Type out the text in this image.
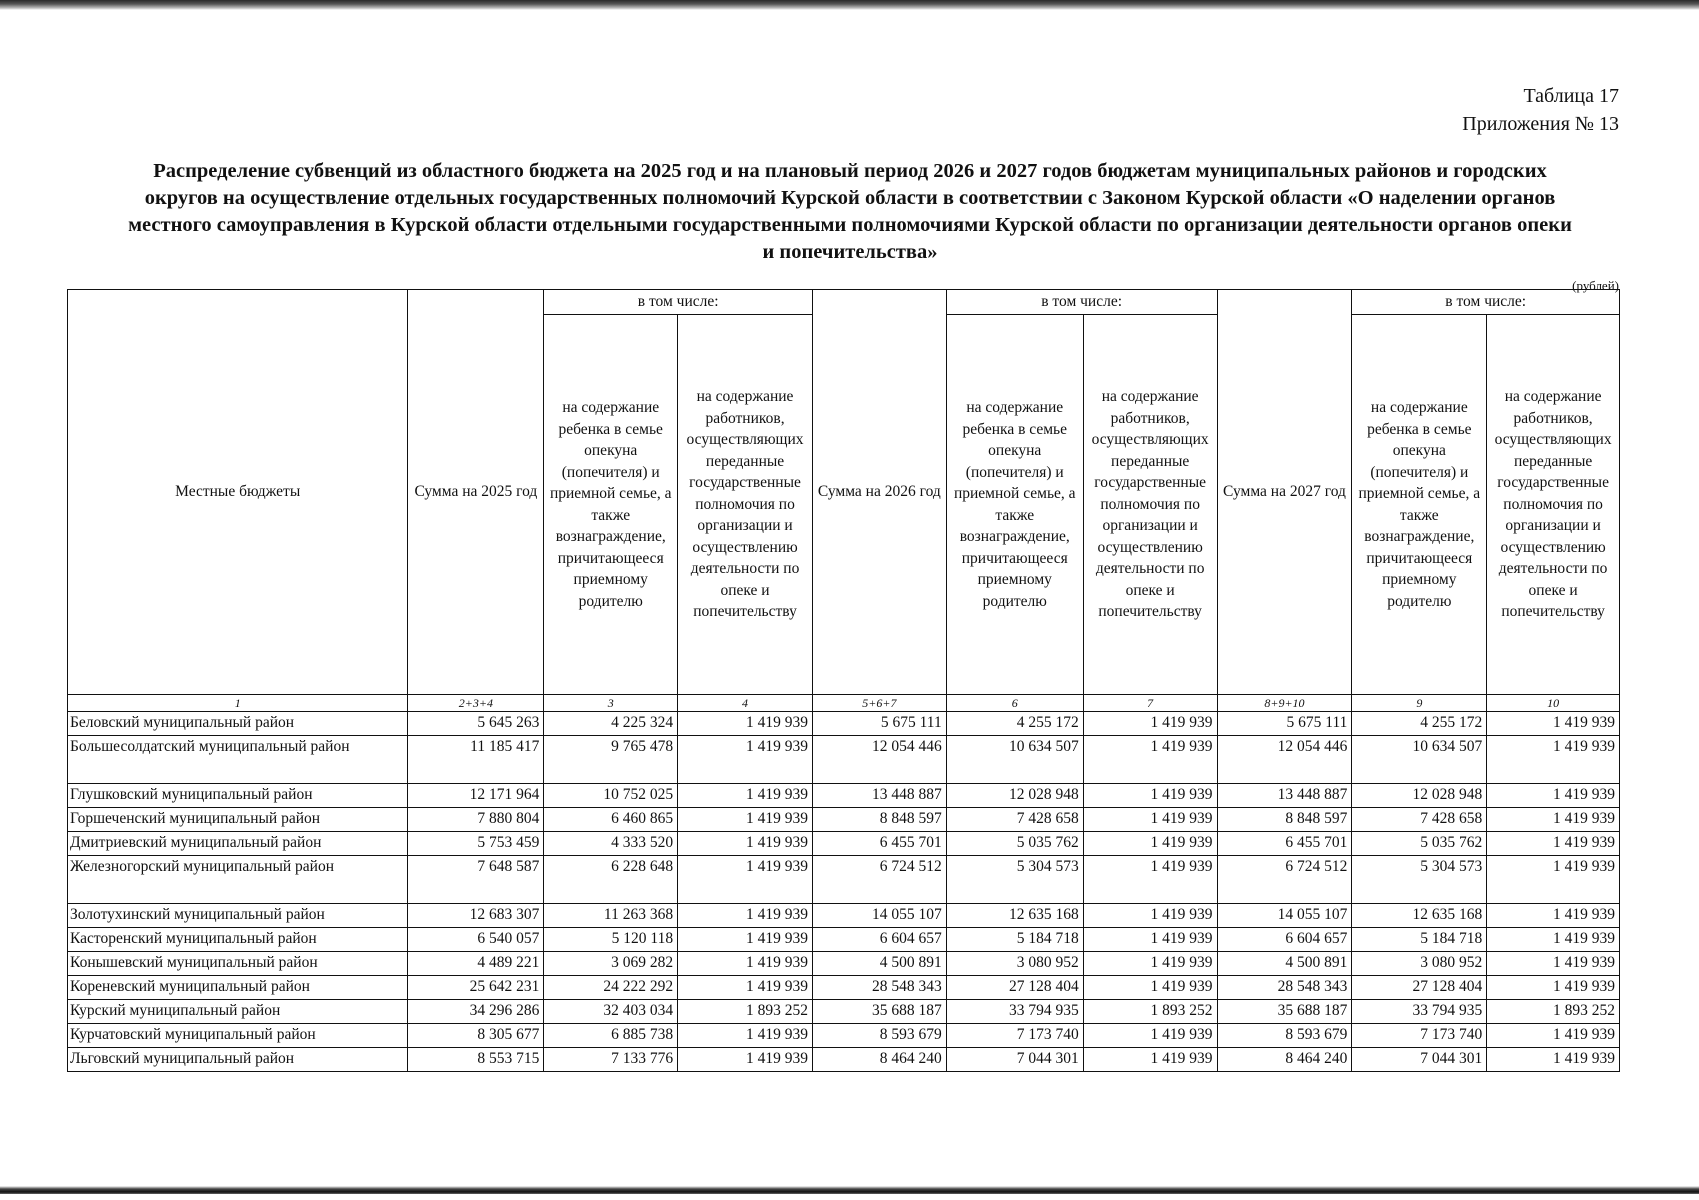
Таблица 17
Приложения № 13
Распределение субвенций из областного бюджета на 2025 год и на плановый период 2026 и 2027 годов бюджетам муниципальных районов и городских
округов на осуществление отдельных государственных полномочий Курской области в соответствии с Законом Курской области «О наделении органов
местного самоуправления в Курской области отдельными государственными полномочиями Курской области по организации деятельности органов опеки
и попечительства»
(рублей)
Местные бюджеты	Сумма на 2025 год	в том числе:		Сумма на 2026 год	в том числе:		Сумма на 2027 год	в том числе:	
		на содержание ребенка в семье опекуна (попечителя) и приемной семье, а также вознаграждение, причитающееся приемному родителю	на содержание работников, осуществляющих переданные государственные полномочия по организации и осуществлению деятельности по опеке и попечительству		на содержание ребенка в семье опекуна (попечителя) и приемной семье, а также вознаграждение, причитающееся приемному родителю	на содержание работников, осуществляющих переданные государственные полномочия по организации и осуществлению деятельности по опеке и попечительству		на содержание ребенка в семье опекуна (попечителя) и приемной семье, а также вознаграждение, причитающееся приемному родителю	на содержание работников, осуществляющих переданные государственные полномочия по организации и осуществлению деятельности по опеке и попечительству
1	2+3+4	3	4	5+6+7	6	7	8+9+10	9	10
Беловский муниципальный район	5 645 263	4 225 324	1 419 939	5 675 111	4 255 172	1 419 939	5 675 111	4 255 172	1 419 939
Большесолдатский муниципальный район	11 185 417	9 765 478	1 419 939	12 054 446	10 634 507	1 419 939	12 054 446	10 634 507	1 419 939
Глушковский муниципальный район	12 171 964	10 752 025	1 419 939	13 448 887	12 028 948	1 419 939	13 448 887	12 028 948	1 419 939
Горшеченский муниципальный район	7 880 804	6 460 865	1 419 939	8 848 597	7 428 658	1 419 939	8 848 597	7 428 658	1 419 939
Дмитриевский муниципальный район	5 753 459	4 333 520	1 419 939	6 455 701	5 035 762	1 419 939	6 455 701	5 035 762	1 419 939
Железногорский муниципальный район	7 648 587	6 228 648	1 419 939	6 724 512	5 304 573	1 419 939	6 724 512	5 304 573	1 419 939
Золотухинский муниципальный район	12 683 307	11 263 368	1 419 939	14 055 107	12 635 168	1 419 939	14 055 107	12 635 168	1 419 939
Касторенский муниципальный район	6 540 057	5 120 118	1 419 939	6 604 657	5 184 718	1 419 939	6 604 657	5 184 718	1 419 939
Конышевский муниципальный район	4 489 221	3 069 282	1 419 939	4 500 891	3 080 952	1 419 939	4 500 891	3 080 952	1 419 939
Кореневский муниципальный район	25 642 231	24 222 292	1 419 939	28 548 343	27 128 404	1 419 939	28 548 343	27 128 404	1 419 939
Курский муниципальный район	34 296 286	32 403 034	1 893 252	35 688 187	33 794 935	1 893 252	35 688 187	33 794 935	1 893 252
Курчатовский муниципальный район	8 305 677	6 885 738	1 419 939	8 593 679	7 173 740	1 419 939	8 593 679	7 173 740	1 419 939
Льговский муниципальный район	8 553 715	7 133 776	1 419 939	8 464 240	7 044 301	1 419 939	8 464 240	7 044 301	1 419 939
